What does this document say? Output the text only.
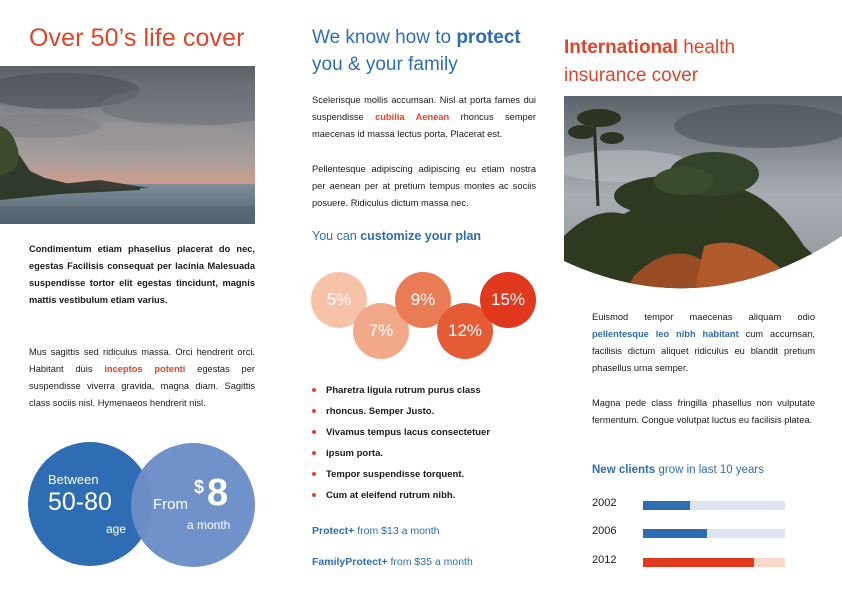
Over 50’s life cover

Condimentum etiam phasellus placerat do nec, egestas Facilisis consequat per lacinia Malesuada suspendisse tortor elit egestas tincidunt, magnis mattis vestibulum etiam varius.

Mus sagittis sed ridiculus massa. Orci hendrerit orci. Habitant duis inceptos potenti egestas per suspendisse viverra gravida, magna diam. Sagittis class sociis nisl. Hymenaeos hendrerit nisl.

Between
50-80
age
From
$ 8
a month
We know how to protect
you & your family

Scelerisque mollis accumsan. Nisl at porta fames dui suspendisse cubilia Aenean rhoncus semper maecenas id massa lectus porta. Placerat est.

Pellentesque adipiscing adipiscing eu etiam nostra per aenean per at pretium tempus montes ac sociis posuere. Ridiculus dictum massa nec.

You can customize your plan
5%
7%
9%
12%
15%
Pharetra ligula rutrum purus class
rhoncus. Semper Justo.
Vivamus tempus lacus consectetuer
ipsum porta.
Tempor suspendisse torquent.
Cum at eleifend rutrum nibh.
Protect+ from $13 a month
FamilyProtect+ from $35 a month
International health
insurance cover

Euismod tempor maecenas aliquam odio pellentesque leo nibh habitant cum accumsan, facilisis dictum aliquet ridiculus eu blandit pretium phasellus urna semper.

Magna pede class fringilla phasellus non vulputate fermentum. Congue volutpat luctus eu facilisis platea.

New clients grow in last 10 years
2002
2006
2012
